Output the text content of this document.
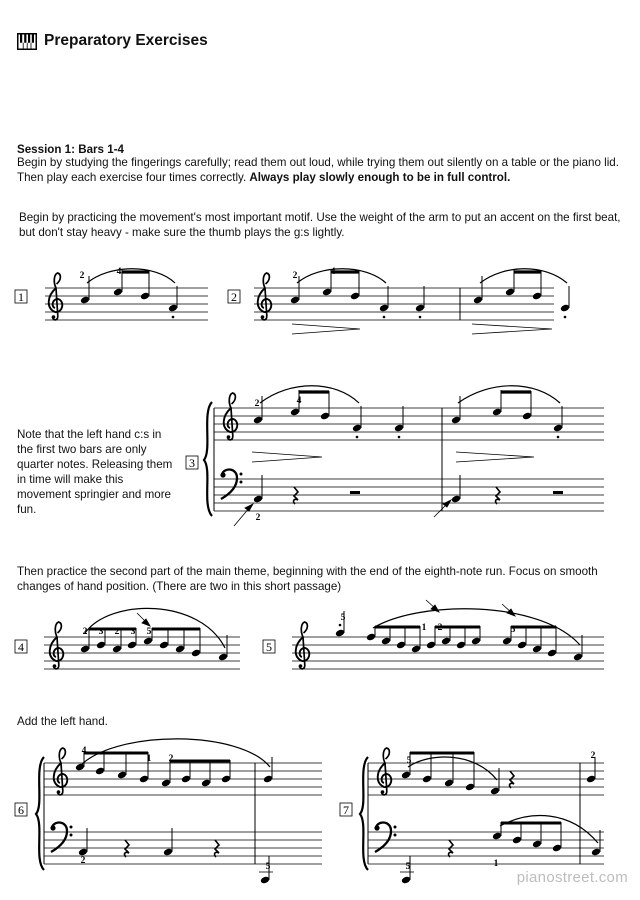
Preparatory Exercises
Session 1: Bars 1-4
Begin by studying the fingerings carefully; read them out loud, while trying them out silently on a table or the piano lid. Then play each exercise four times correctly. Always play slowly enough to be in full control.
Begin by practicing the movement's most important motif. Use the weight of the arm to put an accent on the first beat, but don't stay heavy - make sure the thumb plays the g:s lightly.
Note that the left hand c:s in the first two bars are only quarter notes. Releasing them in time will make this movement springier and more fun.
Then practice the second part of the main theme, beginning with the end of the eighth-note run. Focus on smooth changes of hand position. (There are two in this short passage)
Add the left hand.
pianostreet.com
1	2
3
4	5
6	7
2	4	2	4
2	4
2
2 3 2 3 5
5
1 2	5
4
1 2
2
5
5	2
5	1
